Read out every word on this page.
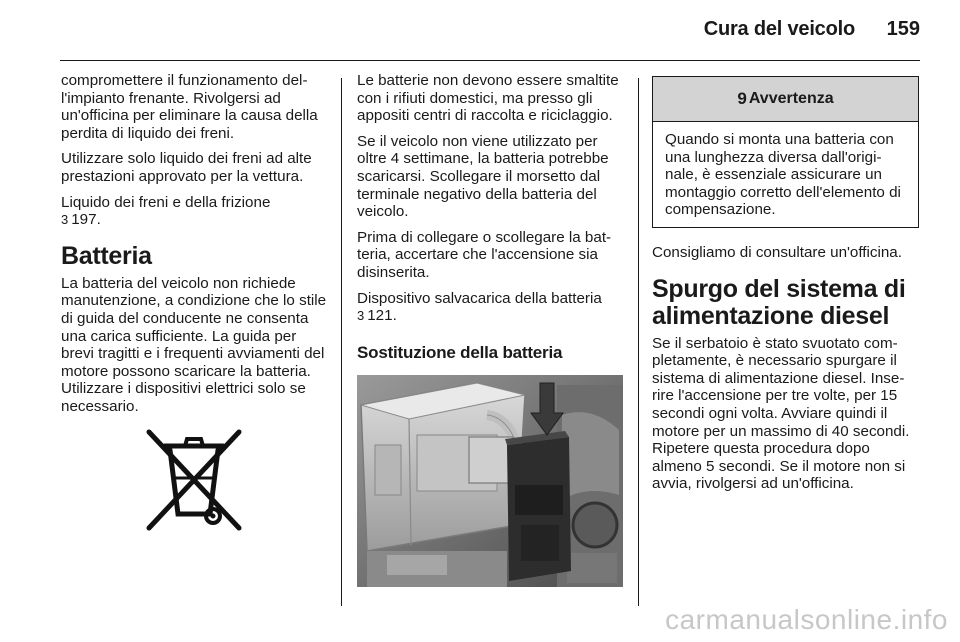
Cura del veicolo 159

compromettere il funzionamento dell'impianto frenante. Rivolgersi ad un'officina per eliminare la causa della perdita di liquido dei freni.

Utilizzare solo liquido dei freni ad alte prestazioni approvato per la vettura.

Liquido dei freni e della frizione
3 197.

Batteria

La batteria del veicolo non richiede manutenzione, a condizione che lo stile di guida del conducente ne consenta una carica sufficiente. La guida per brevi tragitti e i frequenti avviamenti del motore possono scaricare la batteria. Utilizzare i dispositivi elettrici solo se necessario.

Le batterie non devono essere smaltite con i rifiuti domestici, ma presso gli appositi centri di raccolta e riciclaggio.

Se il veicolo non viene utilizzato per oltre 4 settimane, la batteria potrebbe scaricarsi. Scollegare il morsetto dal terminale negativo della batteria del veicolo.

Prima di collegare o scollegare la batteria, accertare che l'accensione sia disinserita.

Dispositivo salvacarica della batteria
3 121.

Sostituzione della batteria
9 Avvertenza
Quando si monta una batteria con una lunghezza diversa dall'originale, è essenziale assicurare un montaggio corretto dell'elemento di compensazione.

Consigliamo di consultare un'officina.

Spurgo del sistema di alimentazione diesel

Se il serbatoio è stato svuotato completamente, è necessario spurgare il sistema di alimentazione diesel. Inserire l'accensione per tre volte, per 15 secondi ogni volta. Avviare quindi il motore per un massimo di 40 secondi. Ripetere questa procedura dopo almeno 5 secondi. Se il motore non si avvia, rivolgersi ad un'officina.

carmanualsonline.info
